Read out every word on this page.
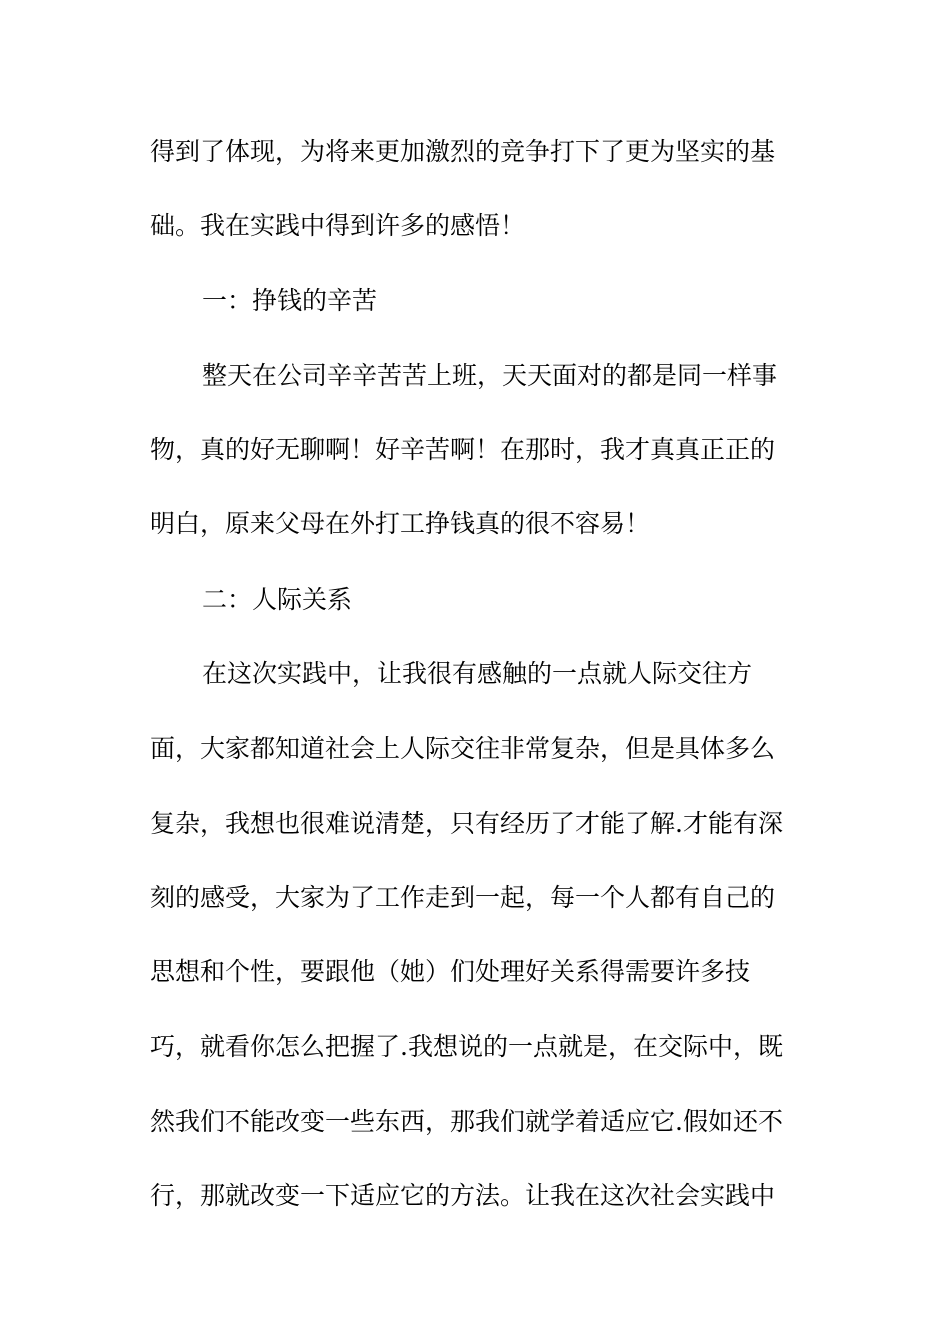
得到了体现，为将来更加激烈的竞争打下了更为坚实的基
础。我在实践中得到许多的感悟！
一：挣钱的辛苦
整天在公司辛辛苦苦上班，天天面对的都是同一样事
物，真的好无聊啊！好辛苦啊！在那时，我才真真正正的
明白，原来父母在外打工挣钱真的很不容易！
二：人际关系
在这次实践中，让我很有感触的一点就人际交往方
面，大家都知道社会上人际交往非常复杂，但是具体多么
复杂，我想也很难说清楚，只有经历了才能了解.才能有深
刻的感受，大家为了工作走到一起，每一个人都有自己的
思想和个性，要跟他（她）们处理好关系得需要许多技
巧，就看你怎么把握了.我想说的一点就是，在交际中，既
然我们不能改变一些东西，那我们就学着适应它.假如还不
行，那就改变一下适应它的方法。让我在这次社会实践中
